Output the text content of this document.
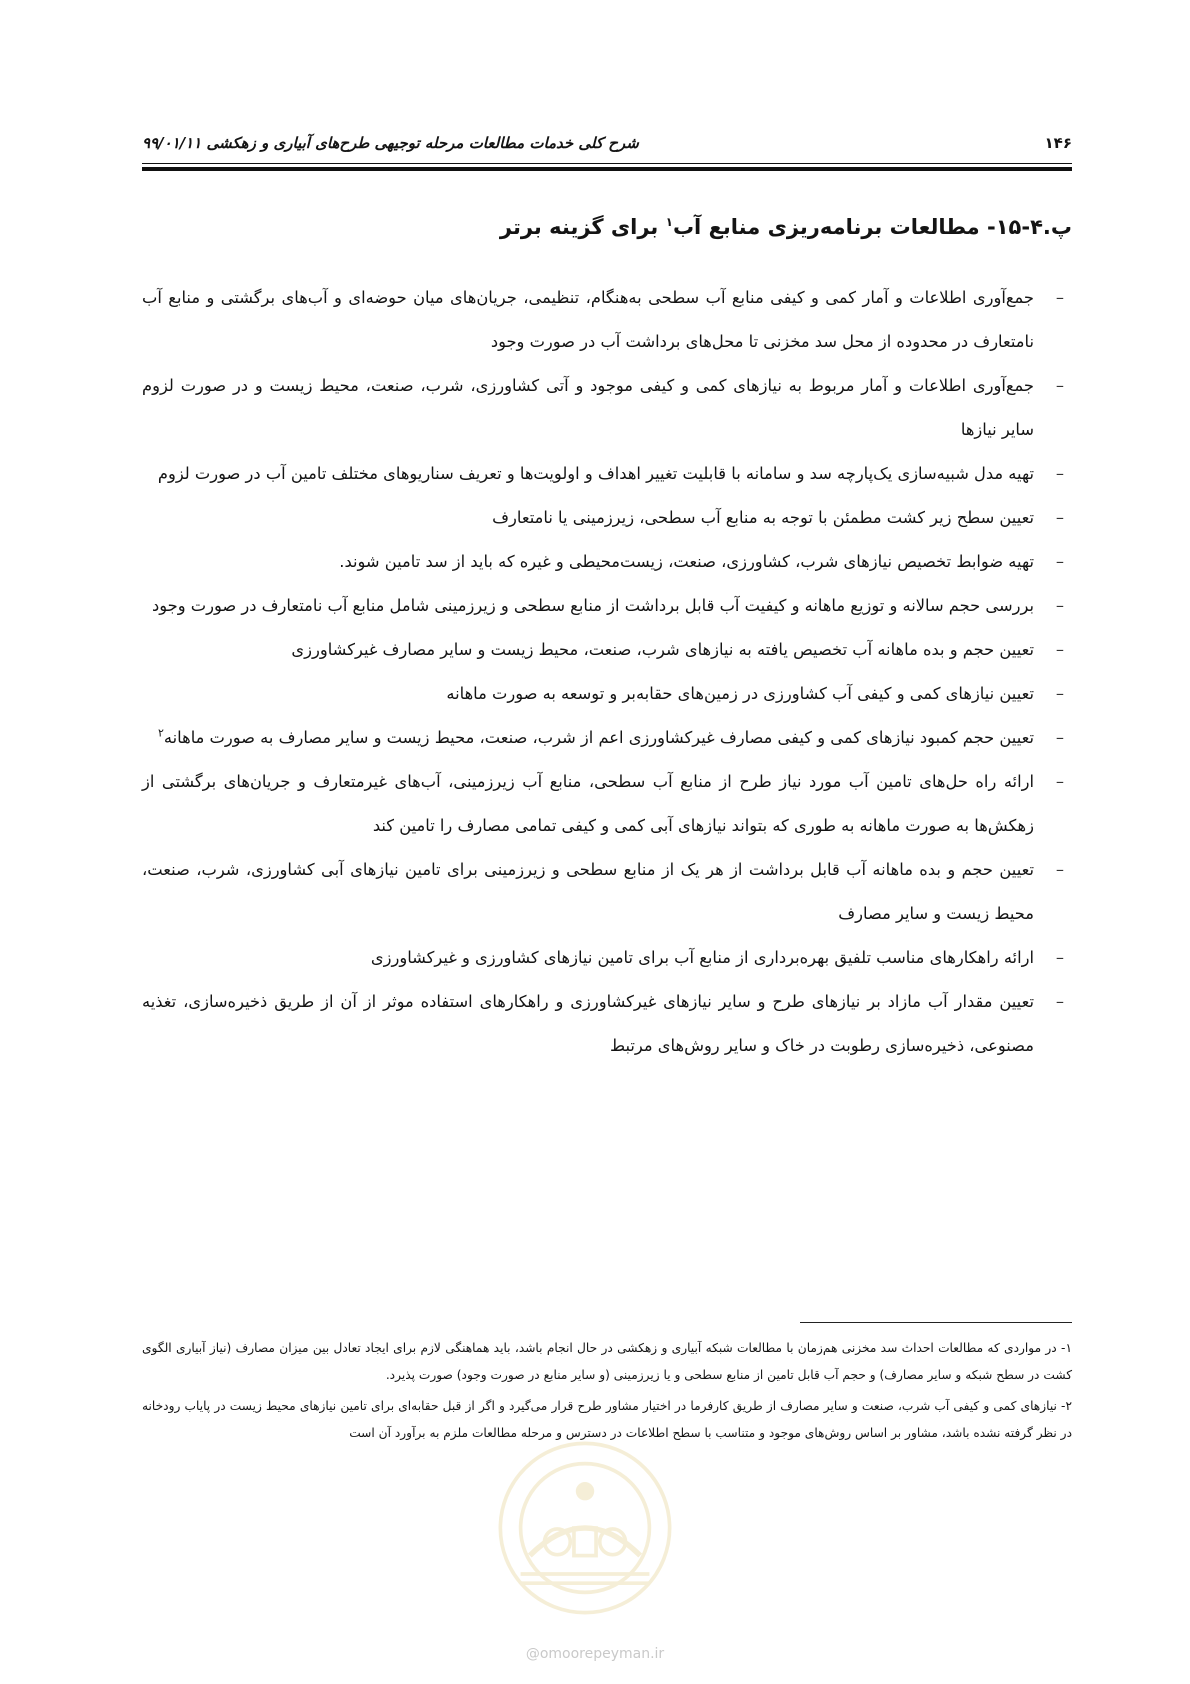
۱۴۶
شرح کلی خدمات مطالعات مرحله توجیهی طرح‌های آبیاری و زهکشی ۹۹/۰۱/۱۱
پ.۴-۱۵- مطالعات برنامه‌ریزی منابع آب$^۱$ برای گزینه برتر
–
جمع‌آوری اطلاعات و آمار کمی و کیفی منابع آب سطحی به‌هنگام، تنظیمی، جریان‌های میان حوضه‌ای و آب‌های برگشتی و منابع آب نامتعارف در محدوده از محل سد مخزنی تا محل‌های برداشت آب در صورت وجود
–
جمع‌آوری اطلاعات و آمار مربوط به نیازهای کمی و کیفی موجود و آتی کشاورزی، شرب، صنعت، محیط زیست و در صورت لزوم سایر نیازها
–
تهیه مدل شبیه‌سازی یک‌پارچه سد و سامانه با قابلیت تغییر اهداف و اولویت‌ها و تعریف سناریوهای مختلف تامین آب در صورت لزوم
–
تعیین سطح زیر کشت مطمئن با توجه به منابع آب سطحی، زیرزمینی یا نامتعارف
–
تهیه ضوابط تخصیص نیازهای شرب، کشاورزی، صنعت، زیست‌محیطی و غیره که باید از سد تامین شوند.
–
بررسی حجم سالانه و توزیع ماهانه و کیفیت آب قابل برداشت از منابع سطحی و زیرزمینی شامل منابع آب نامتعارف در صورت وجود
–
تعیین حجم و بده ماهانه آب تخصیص یافته به نیازهای شرب، صنعت، محیط زیست و سایر مصارف غیرکشاورزی
–
تعیین نیازهای کمی و کیفی آب کشاورزی در زمین‌های حقابه‌بر و توسعه به صورت ماهانه
–
تعیین حجم کمبود نیازهای کمی و کیفی مصارف غیرکشاورزی اعم از شرب، صنعت، محیط زیست و سایر مصارف به صورت ماهانه$^۲$
–
ارائه راه حل‌های تامین آب مورد نیاز طرح از منابع آب سطحی، منابع آب زیرزمینی، آب‌های غیرمتعارف و جریان‌های برگشتی از زهکش‌ها به صورت ماهانه به طوری که بتواند نیازهای آبی کمی و کیفی تمامی مصارف را تامین کند
–
تعیین حجم و بده ماهانه آب قابل برداشت از هر یک از منابع سطحی و زیرزمینی برای تامین نیازهای آبی کشاورزی، شرب، صنعت، محیط زیست و سایر مصارف
–
ارائه راهکارهای مناسب تلفیق بهره‌برداری از منابع آب برای تامین نیازهای کشاورزی و غیرکشاورزی
–
تعیین مقدار آب مازاد بر نیازهای طرح و سایر نیازهای غیرکشاورزی و راهکارهای استفاده موثر از آن از طریق ذخیره‌سازی، تغذیه مصنوعی، ذخیره‌سازی رطوبت در خاک و سایر روش‌های مرتبط

۱- در مواردی که مطالعات احداث سد مخزنی هم‌زمان با مطالعات شبکه آبیاری و زهکشی در حال انجام باشد، باید هماهنگی لازم برای ایجاد تعادل بین میزان مصارف (نیاز آبیاری الگوی کشت در سطح شبکه و سایر مصارف) و حجم آب قابل تامین از منابع سطحی و یا زیرزمینی (و سایر منابع در صورت وجود) صورت پذیرد.

۲- نیازهای کمی و کیفی آب شرب، صنعت و سایر مصارف از طریق کارفرما در اختیار مشاور طرح قرار می‌گیرد و اگر از قبل حقابه‌ای برای تامین نیازهای محیط زیست در پایاب رودخانه در نظر گرفته نشده باشد، مشاور بر اساس روش‌های موجود و متناسب با سطح اطلاعات در دسترس و مرحله مطالعات ملزم به برآورد آن است

@omoorepeyman.ir
